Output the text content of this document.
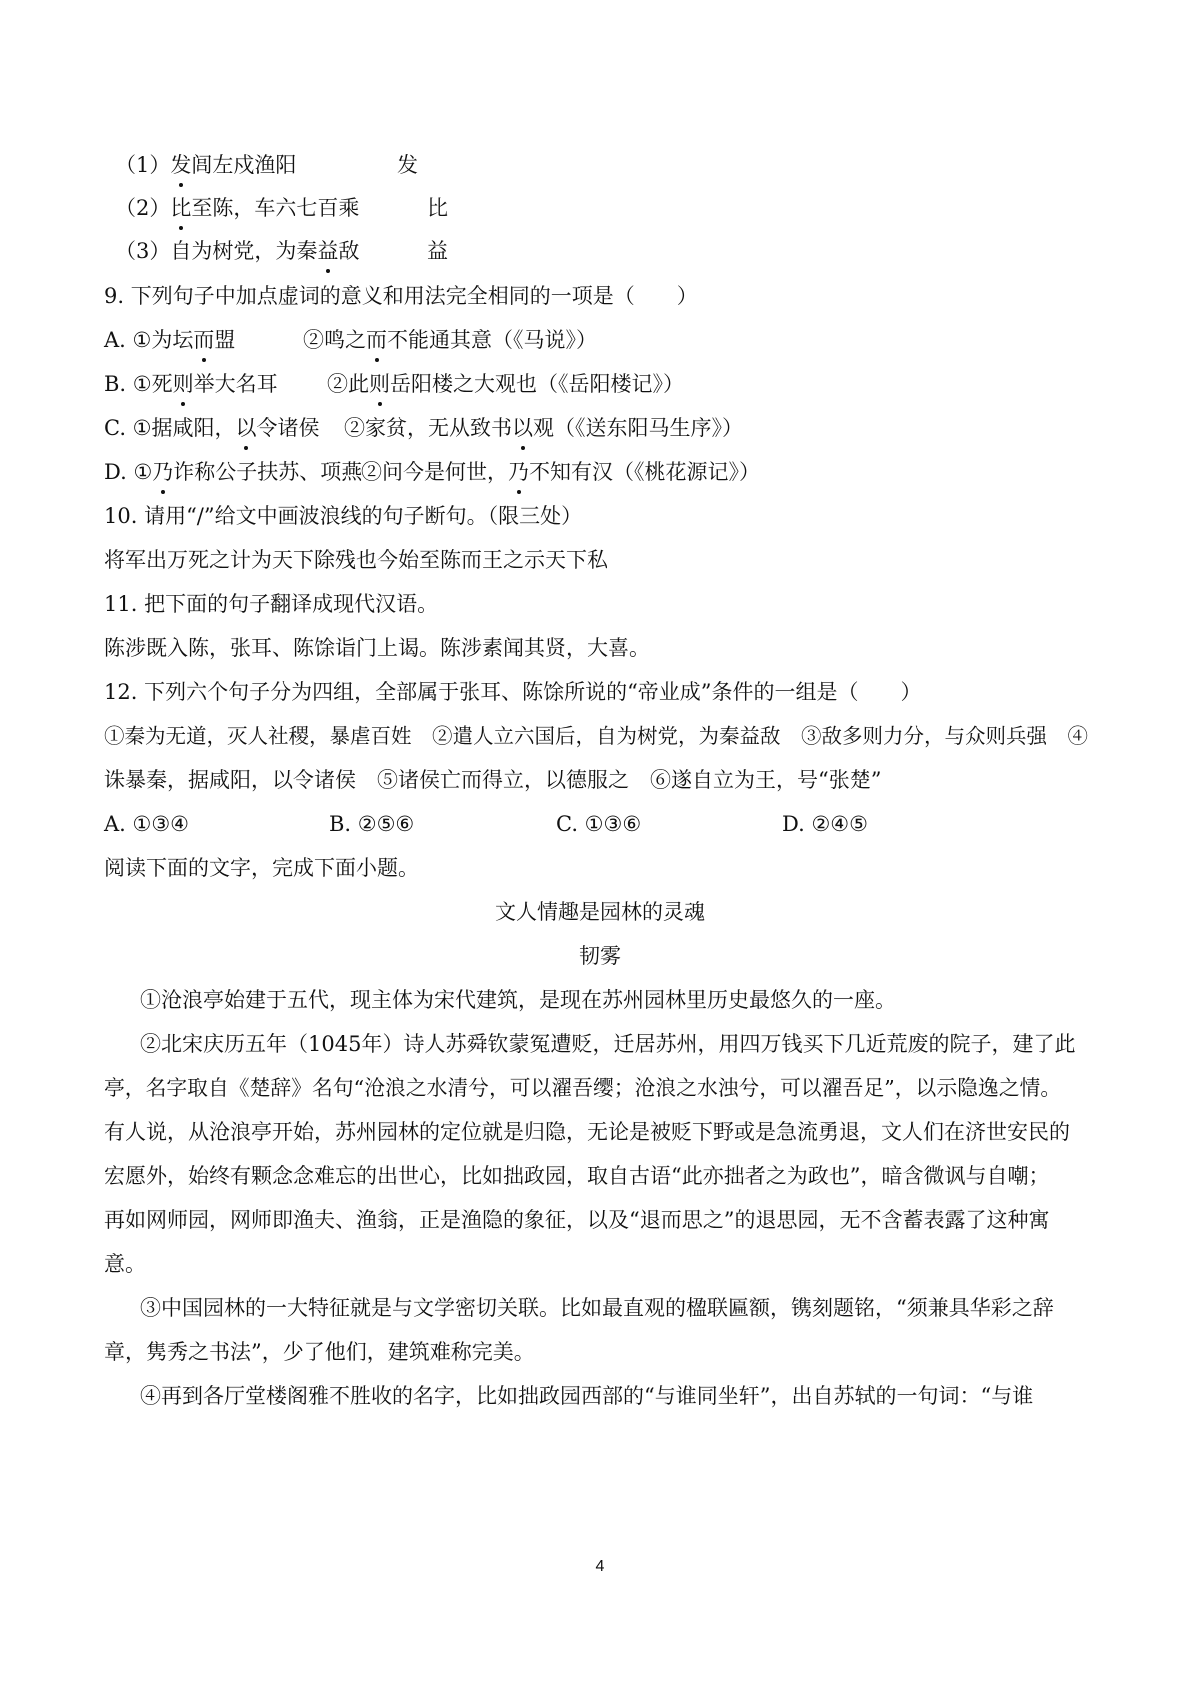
（1）发闾左戍渔阳	发
（2）比至陈，车六七百乘	比
（3）自为树党，为秦益敌	益
9. 下列句子中加点虚词的意义和用法完全相同的一项是（　　）
A. ①为坛而盟	②鸣之而不能通其意（《马说》）
B. ①死则举大名耳 ②此则岳阳楼之大观也（《岳阳楼记》）
C. ①据咸阳，以令诸侯 ②家贫，无从致书以观（《送东阳马生序》）
D. ①乃诈称公子扶苏、项燕
②问今是何世，乃不知有汉（《桃花源记》）
10. 请用“/”给文中画波浪线的句子断句。（限三处）
将军出万死之计为天下除残也今始至陈而王之示天下私
11. 把下面的句子翻译成现代汉语。
陈涉既入陈，张耳、陈馀诣门上谒。陈涉素闻其贤，大喜。
12. 下列六个句子分为四组，全部属于张耳、陈馀所说的“帝业成”条件的一组是（　　）
①秦为无道，灭人社稷，暴虐百姓　②遣人立六国后，自为树党，为秦益敌　③敌多则力分，与众则兵强　④
诛暴秦，据咸阳，以令诸侯　⑤诸侯亡而得立，以德服之　⑥遂自立为王，号“张楚”
A. ①③④	B. ②⑤⑥	C. ①③⑥	D. ②④⑤
阅读下面的文字，完成下面小题。
文人情趣是园林的灵魂
韧雾
①沧浪亭始建于五代，现主体为宋代建筑，是现在苏州园林里历史最悠久的一座。
②北宋庆历五年（1045年）诗人苏舜钦蒙冤遭贬，迁居苏州，用四万钱买下几近荒废的院子，建了此
亭，名字取自《楚辞》名句“沧浪之水清兮，可以濯吾缨；沧浪之水浊兮，可以濯吾足”，以示隐逸之情。
有人说，从沧浪亭开始，苏州园林的定位就是归隐，无论是被贬下野或是急流勇退，文人们在济世安民的
宏愿外，始终有颗念念难忘的出世心，比如拙政园，取自古语“此亦拙者之为政也”，暗含微讽与自嘲；
再如网师园，网师即渔夫、渔翁，正是渔隐的象征，以及“退而思之”的退思园，无不含蓄表露了这种寓
意。
③中国园林的一大特征就是与文学密切关联。比如最直观的楹联匾额，镌刻题铭，“须兼具华彩之辞
章，隽秀之书法”，少了他们，建筑难称完美。
④再到各厅堂楼阁雅不胜收的名字，比如拙政园西部的“与谁同坐轩”，出自苏轼的一句词：“与谁
4
